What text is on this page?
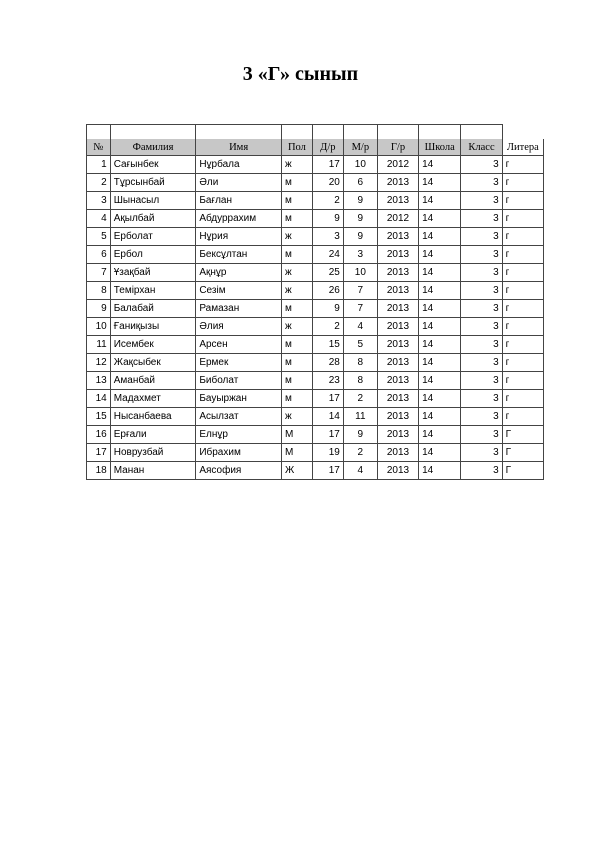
3 «Г» сынып

№	Фамилия	Имя	Пол	Д/р	М/р	Г/р	Школа	Класс	Литера
1	Сағынбек	Нұрбала	ж	17	10	2012	14	3	г
2	Тұрсынбай	Әли	м	20	6	2013	14	3	г
3	Шынасыл	Бағлан	м	2	9	2013	14	3	г
4	Ақылбай	Абдуррахим	м	9	9	2012	14	3	г
5	Ерболат	Нұрия	ж	3	9	2013	14	3	г
6	Ербол	Бексұлтан	м	24	3	2013	14	3	г
7	Ұзақбай	Ақнұр	ж	25	10	2013	14	3	г
8	Темірхан	Сезім	ж	26	7	2013	14	3	г
9	Балабай	Рамазан	м	9	7	2013	14	3	г
10	Ғаниқызы	Әлия	ж	2	4	2013	14	3	г
11	Исембек	Арсен	м	15	5	2013	14	3	г
12	Жақсыбек	Ермек	м	28	8	2013	14	3	г
13	Аманбай	Биболат	м	23	8	2013	14	3	г
14	Мадахмет	Бауыржан	м	17	2	2013	14	3	г
15	Нысанбаева	Асылзат	ж	14	11	2013	14	3	г
16	Ерғали	Елнұр	М	17	9	2013	14	3	Г
17	Новрузбай	Ибрахим	М	19	2	2013	14	3	Г
18	Манан	Аясофия	Ж	17	4	2013	14	3	Г
